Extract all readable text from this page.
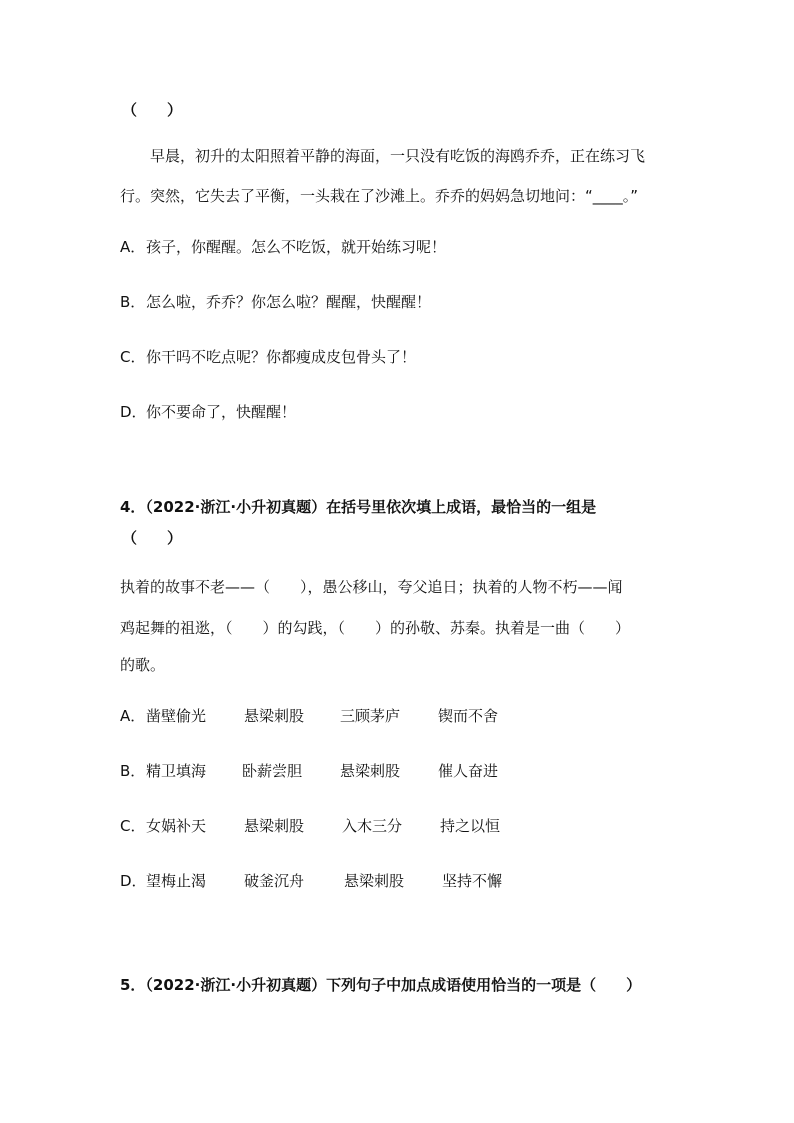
（　　）
早晨，初升的太阳照着平静的海面，一只没有吃饭的海鸥乔乔，正在练习飞
行。突然，它失去了平衡，一头栽在了沙滩上。乔乔的妈妈急切地问：“____。”
A．孩子，你醒醒。怎么不吃饭，就开始练习呢！
B．怎么啦，乔乔？你怎么啦？醒醒，快醒醒！
C．你干吗不吃点呢？你都瘦成皮包骨头了！
D．你不要命了，快醒醒！
4．（2022·浙江·小升初真题）在括号里依次填上成语，最恰当的一组是
（　　）
执着的故事不老——（　　），愚公移山，夸父追日；执着的人物不朽——闻
鸡起舞的祖逖，（　　）的勾践，（　　）的孙敬、苏秦。执着是一曲（　　）
的歌。
A．凿壁偷光	悬梁刺股 三顾茅庐	锲而不舍
B．精卫填海 卧薪尝胆	悬梁刺股	催人奋进
C．女娲补天	悬梁刺股	入木三分	持之以恒
D．望梅止渴	破釜沉舟	悬梁刺股	坚持不懈
5．（2022·浙江·小升初真题）下列句子中加点成语使用恰当的一项是（　　）
